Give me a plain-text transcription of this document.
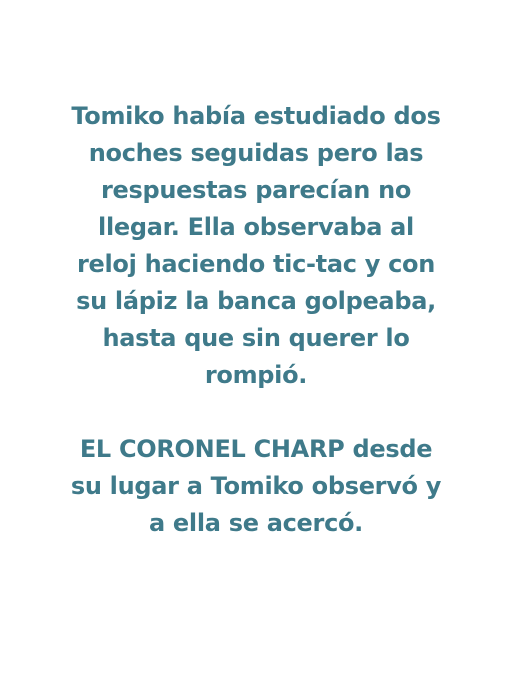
Tomiko había estudiado dos
noches seguidas pero las
respuestas parecían no
llegar. Ella observaba al
reloj haciendo tic-tac y con
su lápiz la banca golpeaba,
hasta que sin querer lo
rompió.
EL CORONEL CHARP desde
su lugar a Tomiko observó y
a ella se acercó.
